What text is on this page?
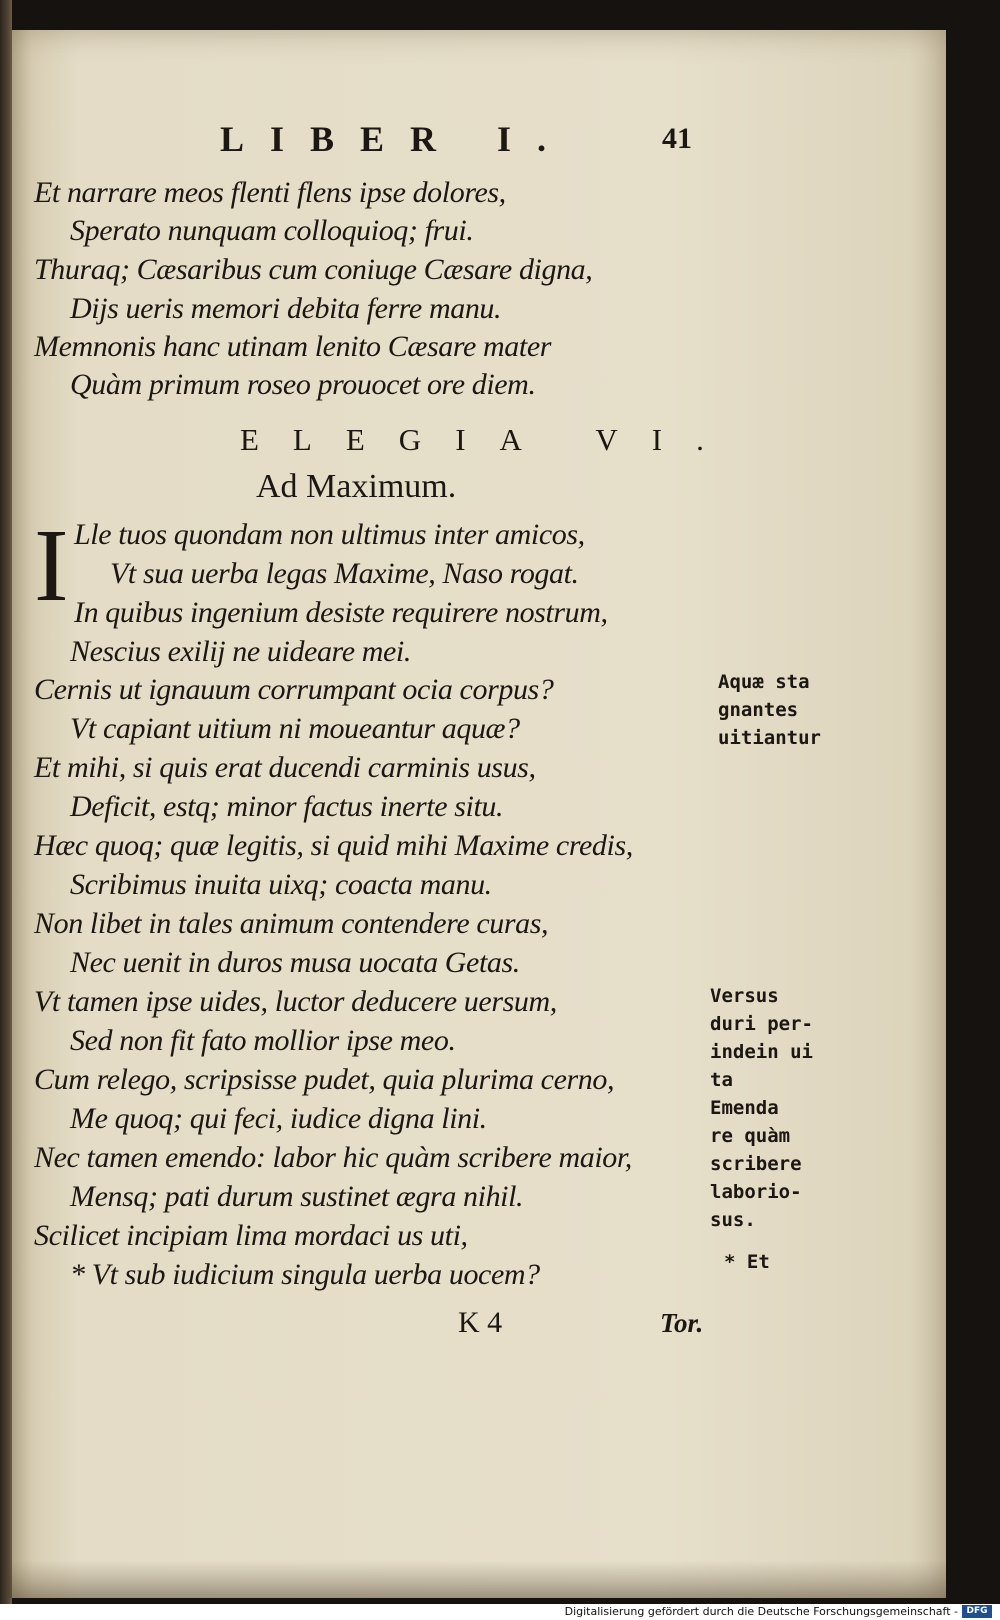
LIBER I.	41
Et narrare meos flenti flens ipse dolores,
Sperato nunquam colloquioq; frui.
Thuraq; Cæsaribus cum coniuge Cæsare digna,
Dijs ueris memori debita ferre manu.
Memnonis hanc utinam lenito Cæsare mater
Quàm primum roseo prouocet ore diem.
ELEGIA VI.
Ad Maximum.
I Lle tuos quondam non ultimus inter amicos,
Vt sua uerba legas Maxime, Naso rogat.
In quibus ingenium desiste requirere nostrum,
Nescius exilij ne uideare mei.
Cernis ut ignauum corrumpant ocia corpus?
Vt capiant uitium ni moueantur aquæ?
Et mihi, si quis erat ducendi carminis usus,
Deficit, estq; minor factus inerte situ.
Hæc quoq; quæ legitis, si quid mihi Maxime credis,
Scribimus inuita uixq; coacta manu.
Non libet in tales animum contendere curas,
Nec uenit in duros musa uocata Getas.
Vt tamen ipse uides, luctor deducere uersum,
Sed non fit fato mollior ipse meo.
Cum relego, scripsisse pudet, quia plurima cerno,
Me quoq; qui feci, iudice digna lini.
Nec tamen emendo: labor hic quàm scribere maior,
Mensq; pati durum sustinet ægra nihil.
Scilicet incipiam lima mordaci us uti,
* Vt sub iudicium singula uerba uocem?
Aquæ sta
gnantes
uitiantur
Versus
duri per-
indein ui
ta
Emenda
re quàm
scribere
laborio-
sus.
* Et
K 4	Tor.
Digitalisierung gefördert durch die Deutsche Forschungsgemeinschaft - DFG
